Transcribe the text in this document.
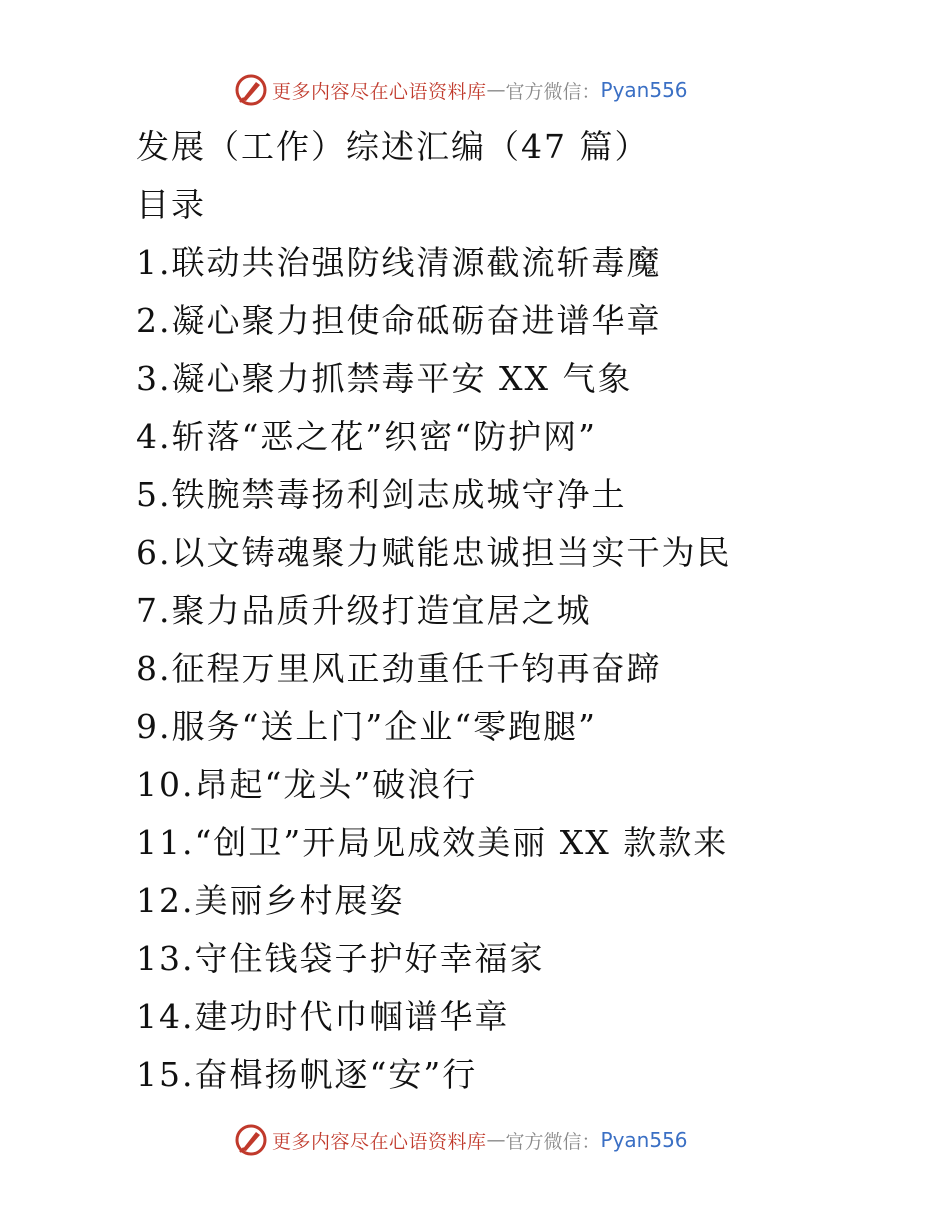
更多内容尽在心语资料库 — 官方微信： Pyan556
发展（工作）综述汇编（47 篇）
目录
1.联动共治强防线清源截流斩毒魔
2.凝心聚力担使命砥砺奋进谱华章
3.凝心聚力抓禁毒平安 XX 气象
4.斩落“恶之花”织密“防护网”
5.铁腕禁毒扬利剑志成城守净土
6.以文铸魂聚力赋能忠诚担当实干为民
7.聚力品质升级打造宜居之城
8.征程万里风正劲重任千钧再奋蹄
9.服务“送上门”企业“零跑腿”
10.昂起“龙头”破浪行
11.“创卫”开局见成效美丽 XX 款款来
12.美丽乡村展姿
13.守住钱袋子护好幸福家
14.建功时代巾帼谱华章
15.奋楫扬帆逐“安”行
更多内容尽在心语资料库 — 官方微信： Pyan556
